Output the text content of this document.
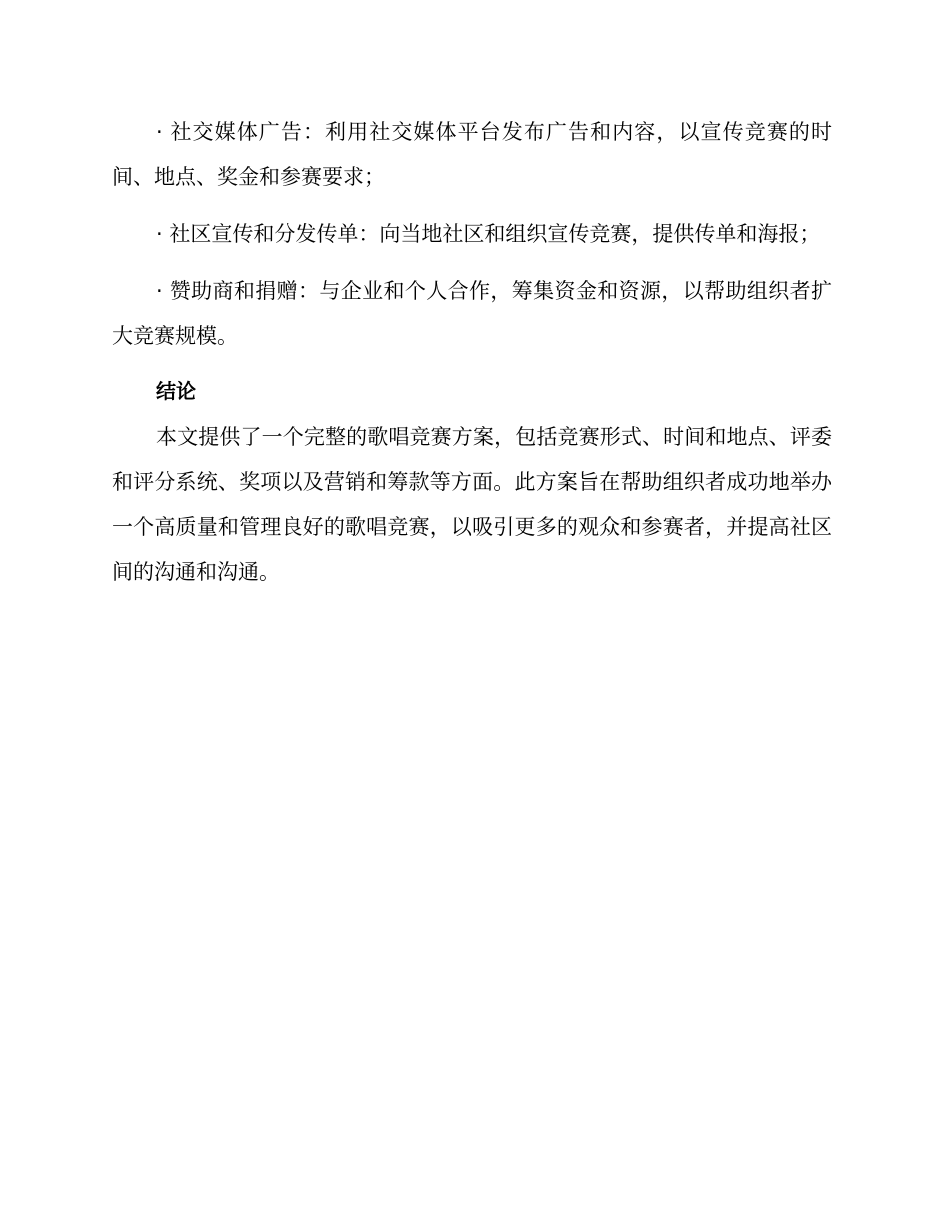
· 社交媒体广告：利用社交媒体平台发布广告和内容，以宣传竞赛的时间、地点、奖金和参赛要求；

· 社区宣传和分发传单：向当地社区和组织宣传竞赛，提供传单和海报；

· 赞助商和捐赠：与企业和个人合作，筹集资金和资源，以帮助组织者扩大竞赛规模。

结论

本文提供了一个完整的歌唱竞赛方案，包括竞赛形式、时间和地点、评委和评分系统、奖项以及营销和筹款等方面。此方案旨在帮助组织者成功地举办一个高质量和管理良好的歌唱竞赛，以吸引更多的观众和参赛者，并提高社区间的沟通和沟通。
